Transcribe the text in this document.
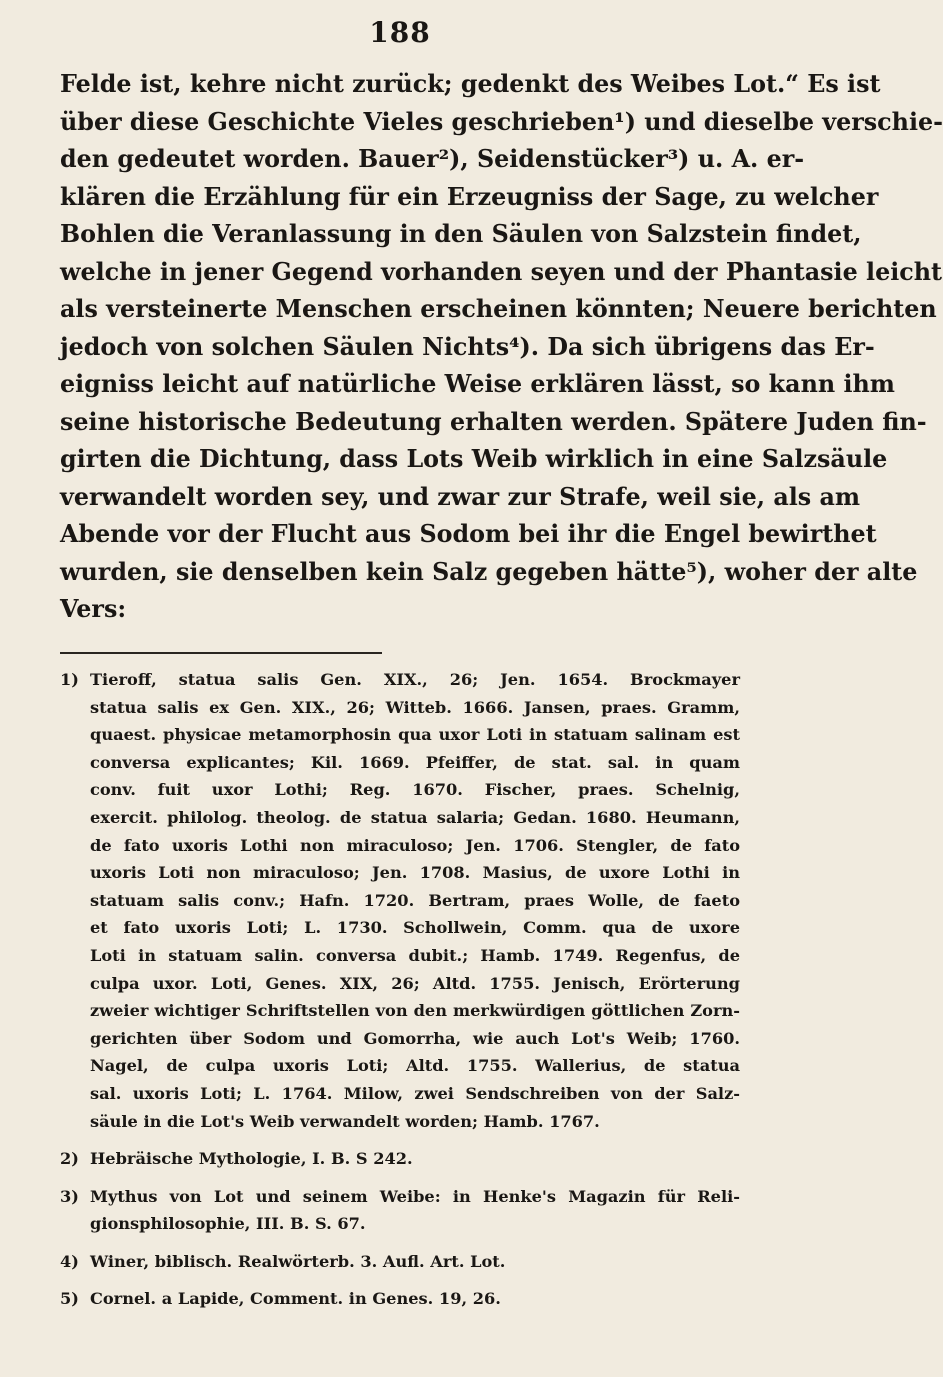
188
Felde ist, kehre nicht zurück; gedenkt des Weibes Lot.“ Es ist
über diese Geschichte Vieles geschrieben¹) und dieselbe verschie-
den gedeutet worden. Bauer²), Seidenstücker³) u. A. er-
klären die Erzählung für ein Erzeugniss der Sage, zu welcher
Bohlen die Veranlassung in den Säulen von Salzstein findet,
welche in jener Gegend vorhanden seyen und der Phantasie leicht
als versteinerte Menschen erscheinen könnten; Neuere berichten
jedoch von solchen Säulen Nichts⁴). Da sich übrigens das Er-
eigniss leicht auf natürliche Weise erklären lässt, so kann ihm
seine historische Bedeutung erhalten werden. Spätere Juden fin-
girten die Dichtung, dass Lots Weib wirklich in eine Salzsäule
verwandelt worden sey, und zwar zur Strafe, weil sie, als am
Abende vor der Flucht aus Sodom bei ihr die Engel bewirthet
wurden, sie denselben kein Salz gegeben hätte⁵), woher der alte
Vers:
1) Tieroff, statua salis Gen. XIX., 26; Jen. 1654. Brockmayer
statua salis ex Gen. XIX., 26; Witteb. 1666. Jansen, praes. Gramm,
quaest. physicae metamorphosin qua uxor Loti in statuam salinam est
conversa explicantes; Kil. 1669. Pfeiffer, de stat. sal. in quam
conv. fuit uxor Lothi; Reg. 1670. Fischer, praes. Schelnig,
exercit. philolog. theolog. de statua salaria; Gedan. 1680. Heumann,
de fato uxoris Lothi non miraculoso; Jen. 1706. Stengler, de fato
uxoris Loti non miraculoso; Jen. 1708. Masius, de uxore Lothi in
statuam salis conv.; Hafn. 1720. Bertram, praes Wolle, de faeto
et fato uxoris Loti; L. 1730. Schollwein, Comm. qua de uxore
Loti in statuam salin. conversa dubit.; Hamb. 1749. Regenfus, de
culpa uxor. Loti, Genes. XIX, 26; Altd. 1755. Jenisch, Erörterung
zweier wichtiger Schriftstellen von den merkwürdigen göttlichen Zorn-
gerichten über Sodom und Gomorrha, wie auch Lot's Weib; 1760.
Nagel, de culpa uxoris Loti; Altd. 1755. Wallerius, de statua
sal. uxoris Loti; L. 1764. Milow, zwei Sendschreiben von der Salz-
säule in die Lot's Weib verwandelt worden; Hamb. 1767.
2) Hebräische Mythologie, I. B. S 242.
3) Mythus von Lot und seinem Weibe: in Henke's Magazin für Reli-
gionsphilosophie, III. B. S. 67.
4) Winer, biblisch. Realwörterb. 3. Aufl. Art. Lot.
5) Cornel. a Lapide, Comment. in Genes. 19, 26.
